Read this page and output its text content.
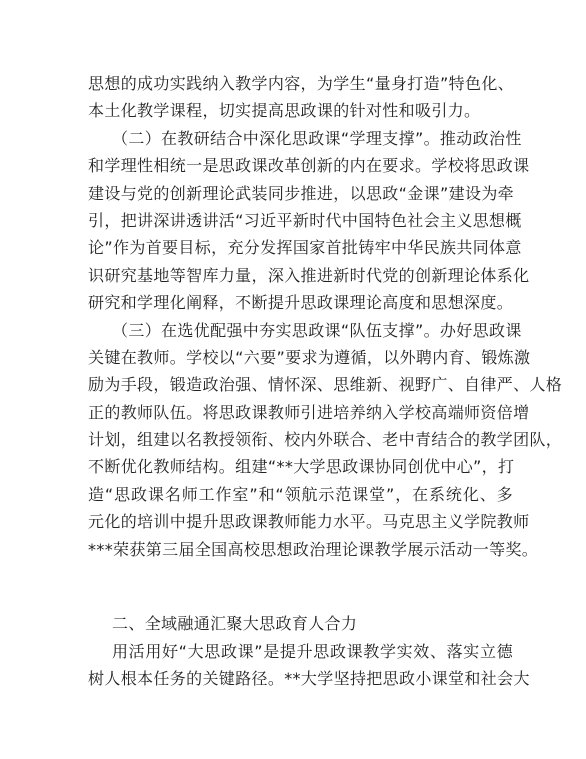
思想的成功实践纳入教学内容，为学生“量身打造”特色化、
本土化教学课程，切实提高思政课的针对性和吸引力。
（二）在教研结合中深化思政课“学理支撑”。推动政治性
和学理性相统一是思政课改革创新的内在要求。学校将思政课
建设与党的创新理论武装同步推进，以思政“金课”建设为牵
引，把讲深讲透讲活“习近平新时代中国特色社会主义思想概
论”作为首要目标，充分发挥国家首批铸牢中华民族共同体意
识研究基地等智库力量，深入推进新时代党的创新理论体系化
研究和学理化阐释，不断提升思政课理论高度和思想深度。
（三）在选优配强中夯实思政课“队伍支撑”。办好思政课
关键在教师。学校以“六要”要求为遵循，以外聘内育、锻炼激
励为手段，锻造政治强、情怀深、思维新、视野广、自律严、人格
正的教师队伍。将思政课教师引进培养纳入学校高端师资倍增
计划，组建以名教授领衔、校内外联合、老中青结合的教学团队，
不断优化教师结构。组建“**大学思政课协同创优中心”，打
造“思政课名师工作室”和“领航示范课堂”，在系统化、多
元化的培训中提升思政课教师能力水平。马克思主义学院教师
***荣获第三届全国高校思想政治理论课教学展示活动一等奖。
二、全域融通汇聚大思政育人合力
用活用好“大思政课”是提升思政课教学实效、落实立德
树人根本任务的关键路径。**大学坚持把思政小课堂和社会大
